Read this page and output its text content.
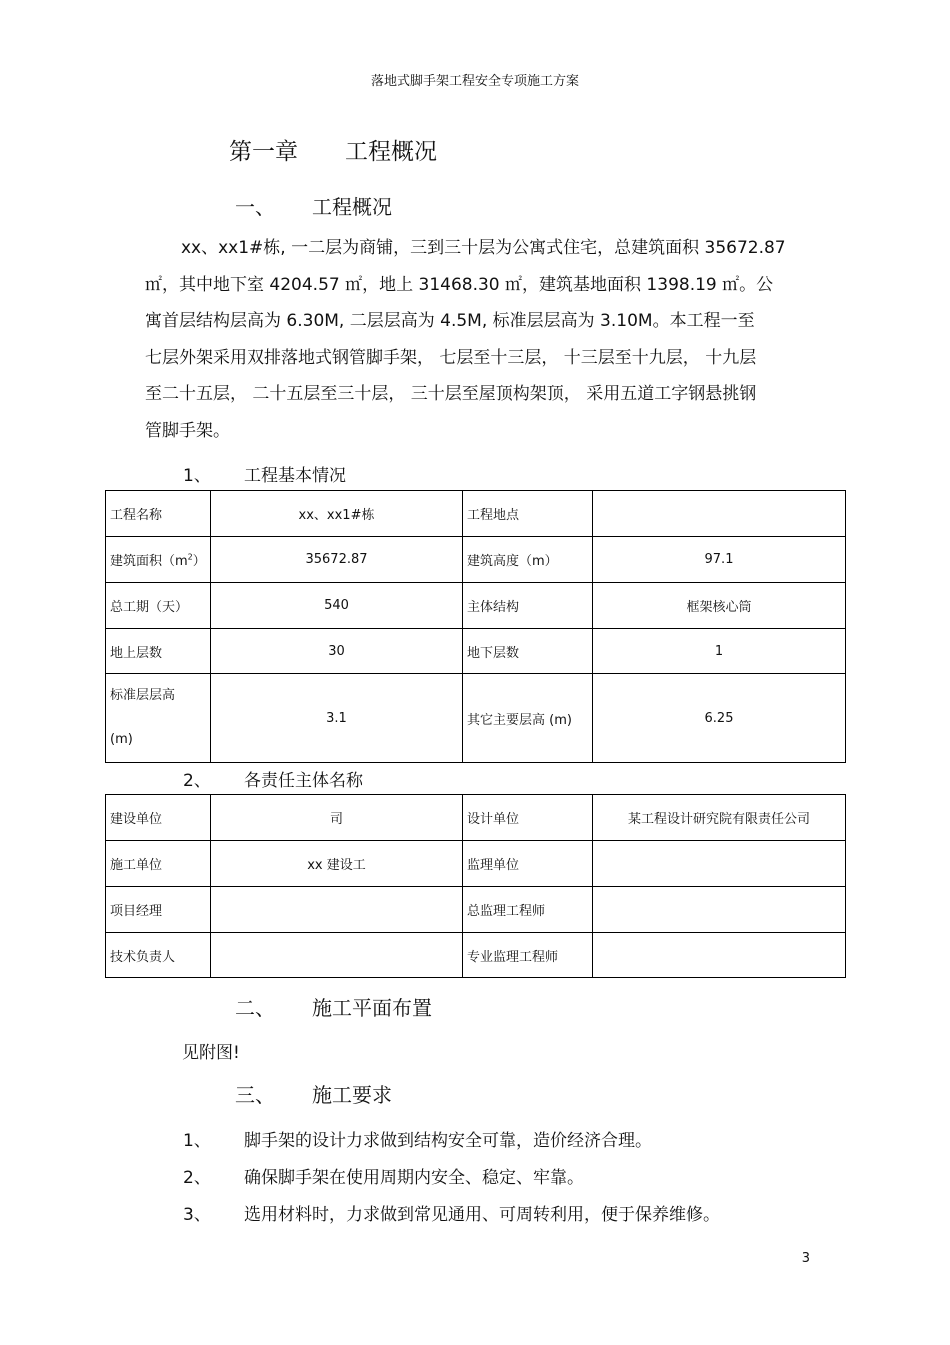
落地式脚手架工程安全专项施工方案
第一章 工程概况
一、 工程概况
xx、xx1#栋, 一二层为商铺，三到三十层为公寓式住宅，总建筑面积 35672.87
㎡，其中地下室 4204.57 ㎡，地上 31468.30 ㎡，建筑基地面积 1398.19 ㎡。公
寓首层结构层高为 6.30M, 二层层高为 4.5M, 标准层层高为 3.10M。本工程一至
七层外架采用双排落地式钢管脚手架， 七层至十三层， 十三层至十九层， 十九层
至二十五层， 二十五层至三十层， 三十层至屋顶构架顶， 采用五道工字钢悬挑钢
管脚手架。
1、 工程基本情况
工程名称	xx、xx1#栋	工程地点	
建筑面积$(m^2)$	35672.87	建筑高度（m）	97.1
总工期（天）	540	主体结构	框架核心筒
地上层数	30	地下层数	1
标准层层高
(m)	3.1	其它主要层高 (m)	6.25
2、 各责任主体名称
建设单位	司	设计单位	某工程设计研究院有限责任公司
施工单位	xx 建设工	监理单位	
项目经理		总监理工程师	
技术负责人		专业监理工程师	
二、 施工平面布置
见附图!
三、 施工要求
1、 脚手架的设计力求做到结构安全可靠，造价经济合理。
2、 确保脚手架在使用周期内安全、稳定、牢靠。
3、 选用材料时，力求做到常见通用、可周转利用，便于保养维修。
3
